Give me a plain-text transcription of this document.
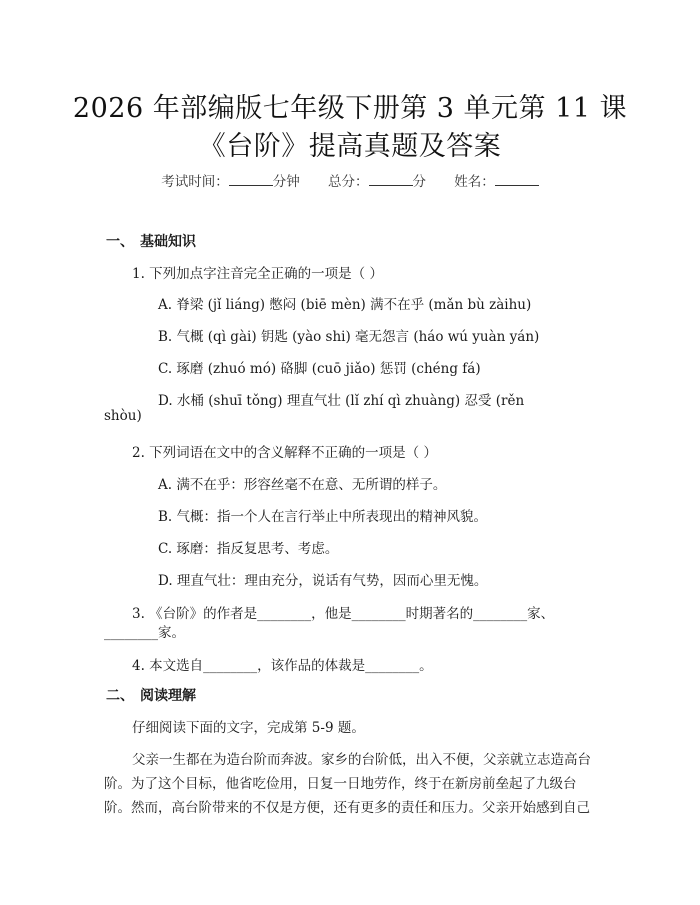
2026 年部编版七年级下册第 3 单元第 11 课
《台阶》提高真题及答案
考试时间：	分钟 总分：	分 姓名：
一、 基础知识
1. 下列加点字注音完全正确的一项是（ ）
A. 脊梁 (jǐ liáng) 憋闷 (biē mèn) 满不在乎 (mǎn bù zàihu)
B. 气概 (qì gài) 钥匙 (yào shi) 毫无怨言 (háo wú yuàn yán)
C. 琢磨 (zhuó mó) 硌脚 (cuō jiǎo) 惩罚 (chéng fá)
D. 水桶 (shuī tǒng) 理直气壮 (lǐ zhí qì zhuàng) 忍受 (rěn
shòu)
2. 下列词语在文中的含义解释不正确的一项是（ ）
A. 满不在乎：形容丝毫不在意、无所谓的样子。
B. 气概：指一个人在言行举止中所表现出的精神风貌。
C. 琢磨：指反复思考、考虑。
D. 理直气壮：理由充分，说话有气势，因而心里无愧。
3. 《台阶》的作者是________，他是________时期著名的________家、
________家。
4. 本文选自________，该作品的体裁是________。
二、 阅读理解
仔细阅读下面的文字，完成第 5-9 题。
父亲一生都在为造台阶而奔波。家乡的台阶低，出入不便，父亲就立志造高台
阶。为了这个目标，他省吃俭用，日复一日地劳作，终于在新房前垒起了九级台
阶。然而，高台阶带来的不仅是方便，还有更多的责任和压力。父亲开始感到自己
